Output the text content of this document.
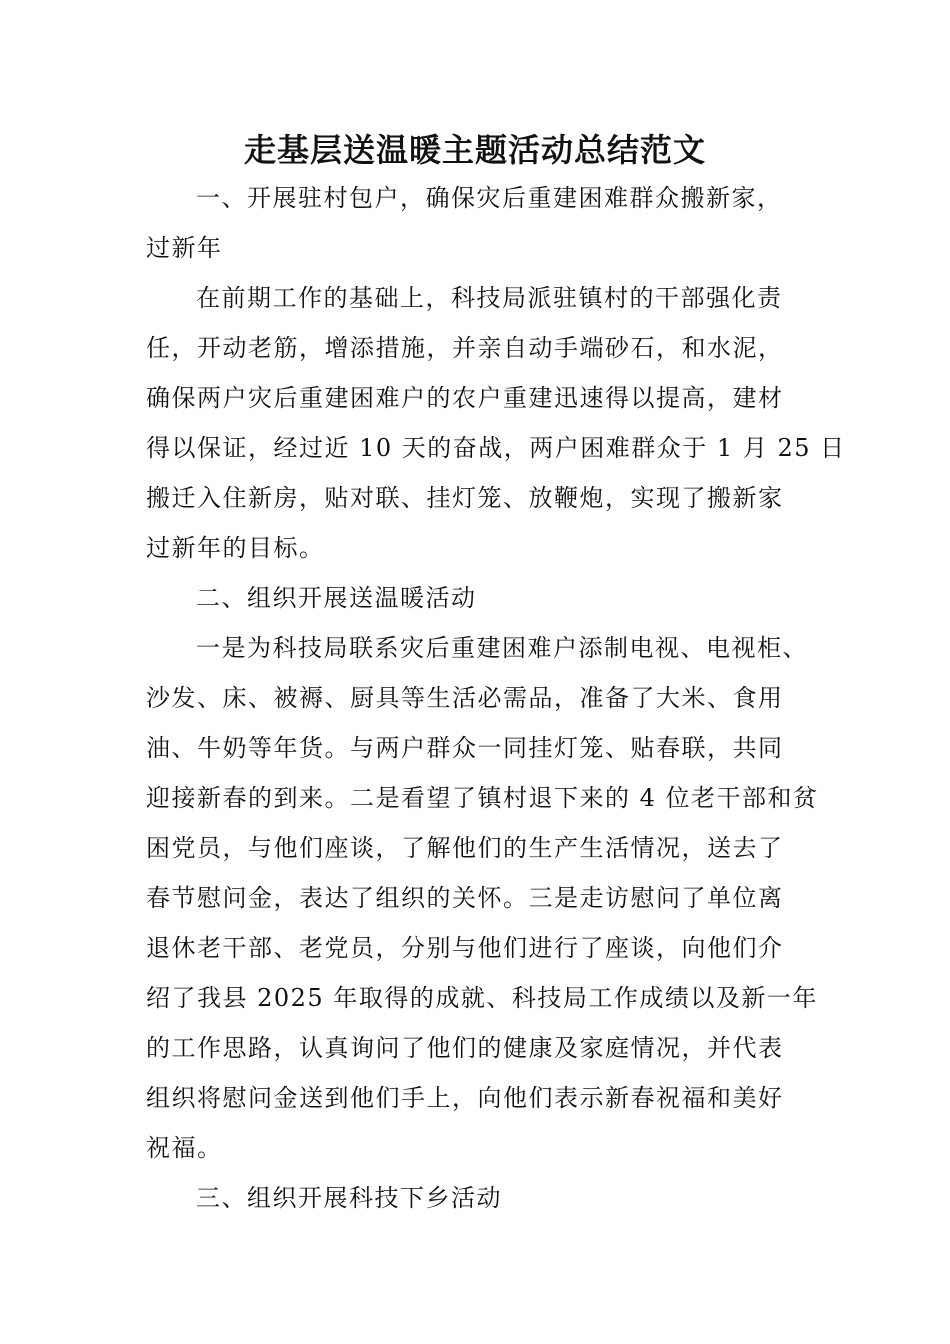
走基层送温暖主题活动总结范文
一、开展驻村包户，确保灾后重建困难群众搬新家，
过新年
在前期工作的基础上，科技局派驻镇村的干部强化责
任，开动老筋，增添措施，并亲自动手端砂石，和水泥，
确保两户灾后重建困难户的农户重建迅速得以提高，建材
得以保证，经过近 10 天的奋战，两户困难群众于 1 月 25 日
搬迁入住新房，贴对联、挂灯笼、放鞭炮，实现了搬新家
过新年的目标。
二、组织开展送温暖活动
一是为科技局联系灾后重建困难户添制电视、电视柜、
沙发、床、被褥、厨具等生活必需品，准备了大米、食用
油、牛奶等年货。与两户群众一同挂灯笼、贴春联，共同
迎接新春的到来。二是看望了镇村退下来的 4 位老干部和贫
困党员，与他们座谈，了解他们的生产生活情况，送去了
春节慰问金，表达了组织的关怀。三是走访慰问了单位离
退休老干部、老党员，分别与他们进行了座谈，向他们介
绍了我县 2025 年取得的成就、科技局工作成绩以及新一年
的工作思路，认真询问了他们的健康及家庭情况，并代表
组织将慰问金送到他们手上，向他们表示新春祝福和美好
祝福。
三、组织开展科技下乡活动
